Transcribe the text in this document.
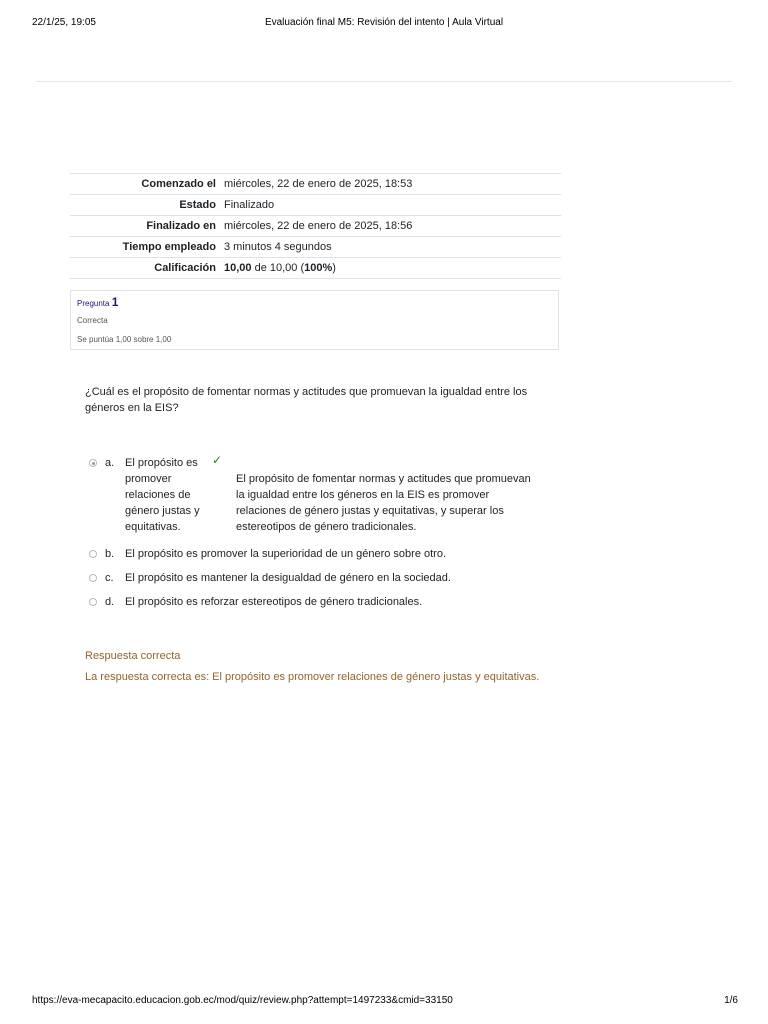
22/1/25, 19:05	Evaluación final M5: Revisión del intento | Aula Virtual
Comenzado el	miércoles, 22 de enero de 2025, 18:53
Estado	Finalizado
Finalizado en	miércoles, 22 de enero de 2025, 18:56
Tiempo empleado	3 minutos 4 segundos
Calificación	10,00 de 10,00 (100%)
Pregunta 1
Correcta
Se puntúa 1,00 sobre 1,00
¿Cuál es el propósito de fomentar normas y actitudes que promuevan la igualdad entre los géneros en la EIS?
a. El propósito es promover relaciones de género justas y equitativas.
✓
El propósito de fomentar normas y actitudes que promuevan la igualdad entre los géneros en la EIS es promover relaciones de género justas y equitativas, y superar los estereotipos de género tradicionales.
b. El propósito es promover la superioridad de un género sobre otro.
c. El propósito es mantener la desigualdad de género en la sociedad.
d. El propósito es reforzar estereotipos de género tradicionales.
Respuesta correcta
La respuesta correcta es: El propósito es promover relaciones de género justas y equitativas.
https://eva-mecapacito.educacion.gob.ec/mod/quiz/review.php?attempt=1497233&cmid=33150	1/6
